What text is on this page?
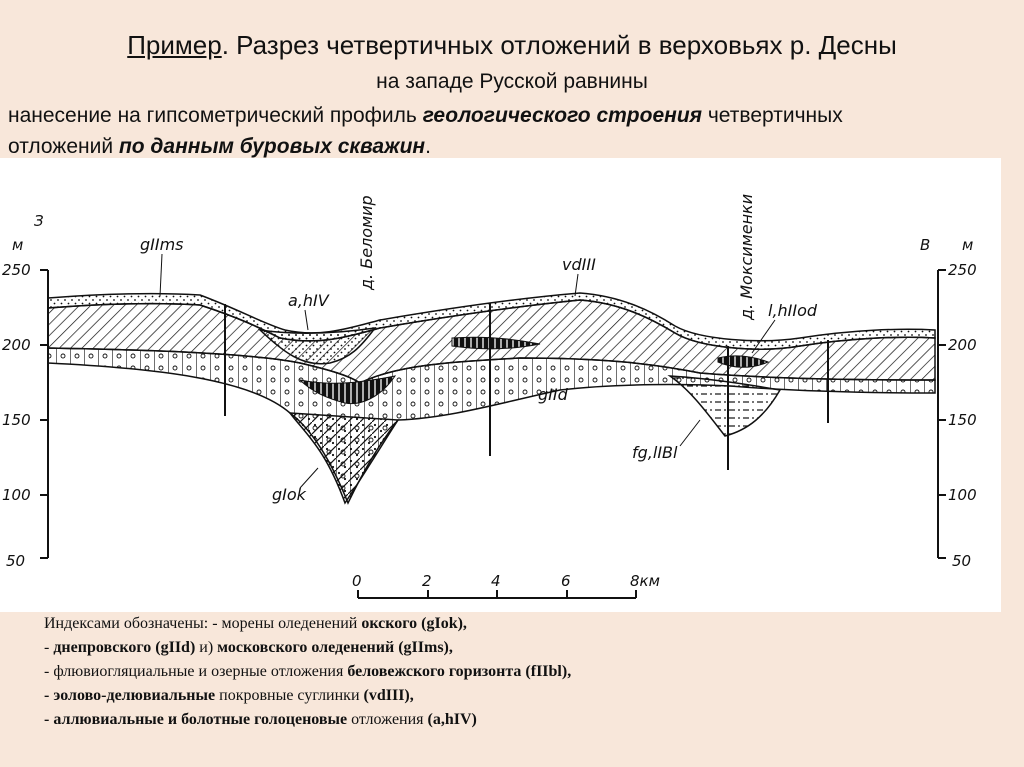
Пример. Разрез четвертичных отложений в верховьях р. Десны
на западе Русской равнины
нанесение на гипсометрический профиль геологического строения четвертичных
отложений по данным буровых скважин.
З
м
250
200
150
100
50
В м
250
200
150
100
50
д. Беломир	д. Моксименки
gIIms
a,hIV
vdIII
l,hIIod
gIId
fg,lIBl
gIok
0	2	4	6	8км
Индексами обозначены: - морены оледенений окского (gIok),
- днепровского (gIId) и) московского оледенений (gIIms),
- флювиогляциальные и озерные отложения беловежского горизонта (fIIbl),
- эолово-делювиальные покровные суглинки (vdIII),
- аллювиальные и болотные голоценовые отложения (a,hIV)
